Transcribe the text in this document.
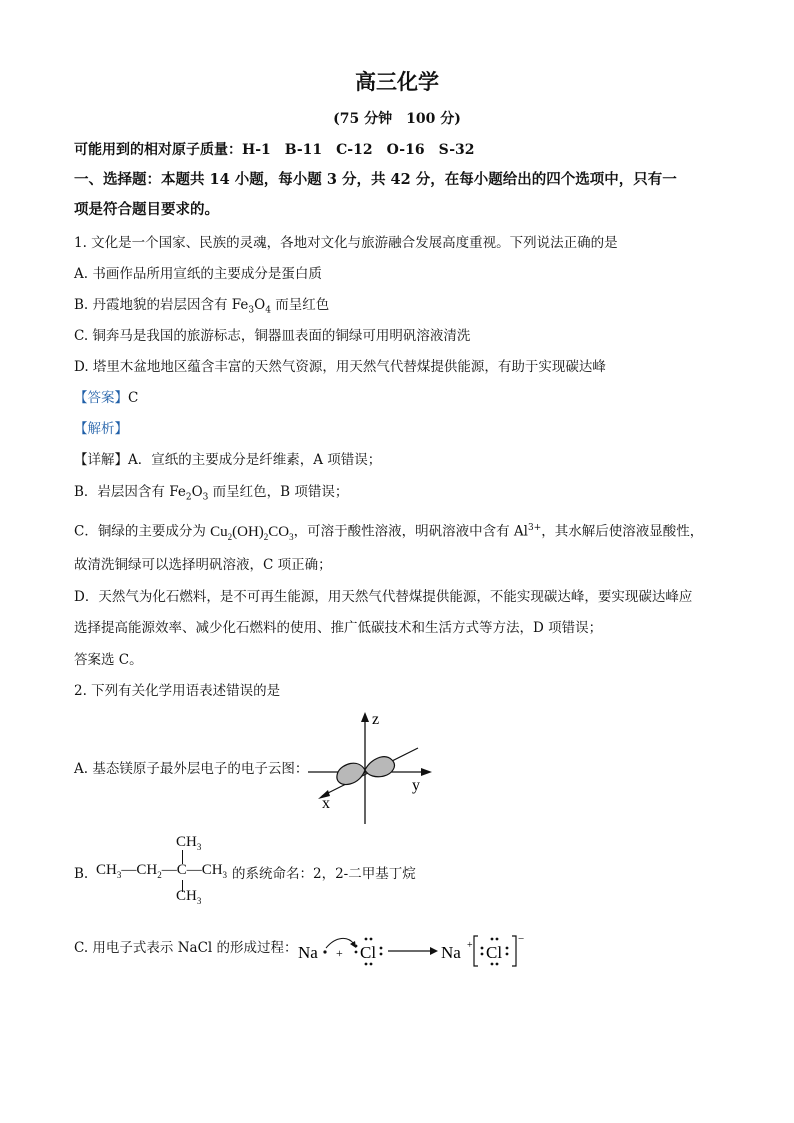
高三化学
(75 分钟　100 分)
可能用到的相对原子质量：H-1　B-11　C-12　O-16　S-32
一、选择题：本题共 14 小题，每小题 3 分，共 42 分，在每小题给出的四个选项中，只有一
项是符合题目要求的。
1. 文化是一个国家、民族的灵魂，各地对文化与旅游融合发展高度重视。下列说法正确的是
A. 书画作品所用宣纸的主要成分是蛋白质
B. 丹霞地貌的岩层因含有 $Fe_3O_4$ 而呈红色
C. 铜奔马是我国的旅游标志，铜器皿表面的铜绿可用明矾溶液清洗
D. 塔里木盆地地区蕴含丰富的天然气资源，用天然气代替煤提供能源，有助于实现碳达峰
【答案】C
【解析】
【详解】A．宣纸的主要成分是纤维素，A 项错误；
B．岩层因含有 $Fe_2O_3$ 而呈红色，B 项错误；
C．铜绿的主要成分为 $Cu_2(OH)_2CO_3$，可溶于酸性溶液，明矾溶液中含有 $Al^{3+}$，其水解后使溶液显酸性，
故清洗铜绿可以选择明矾溶液，C 项正确；
D．天然气为化石燃料，是不可再生能源，用天然气代替煤提供能源，不能实现碳达峰，要实现碳达峰应
选择提高能源效率、减少化石燃料的使用、推广低碳技术和生活方式等方法，D 项错误；
答案选 C。
2. 下列有关化学用语表述错误的是
A. 基态镁原子最外层电子的电子云图：
z
y
x
B.
$CH_3$
$CH_3—CH_2—C—CH_3$
$CH_3$
的系统命名：2，2-二甲基丁烷
C. 用电子式表示 NaCl 的形成过程： Na + Cl	Na + Cl
−
